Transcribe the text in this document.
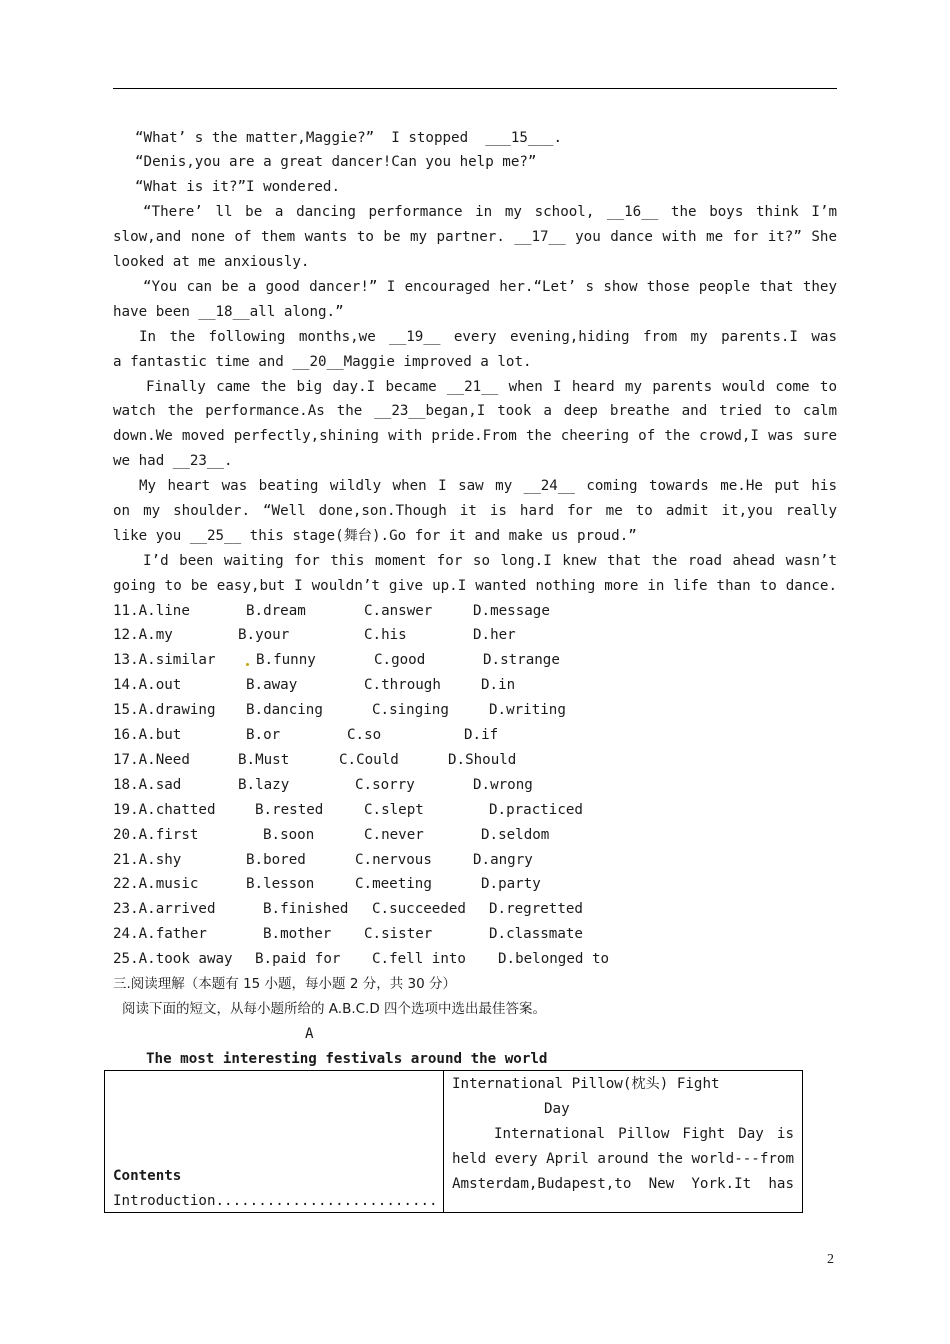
“What’ s the matter,Maggie?”  I stopped  ___15___.
“Denis,you are a great dancer!Can you help me?”
“What is it?”I wondered.
“There’ ll be a dancing performance in my school, __16__ the boys think I’m
slow,and none of them wants to be my partner. __17__ you dance with me for it?” She
looked at me anxiously.
“You can be a good dancer!” I encouraged her.“Let’ s show those people that they
have been __18__all along.”
In the following months,we __19__ every evening,hiding from my parents.I was
a fantastic time and __20__Maggie improved a lot.
Finally came the big day.I became __21__ when I heard my parents would come to
watch the performance.As the __23__began,I took a deep breathe and tried to calm
down.We moved perfectly,shining with pride.From the cheering of the crowd,I was sure
we had __23__.
My heart was beating wildly when I saw my __24__ coming towards me.He put his
on my shoulder. “Well done,son.Though it is hard for me to admit it,you really
like you __25__ this stage(舞台).Go for it and make us proud.”
I’d been waiting for this moment for so long.I knew that the road ahead wasn’t
going to be easy,but I wouldn’t give up.I wanted nothing more in life than to dance.
11.A.line	B.dream	C.answer	D.message
12.A.my	B.your	C.his	D.her
13.A.similar	B.funny	C.good	D.strange
14.A.out	B.away	C.through	D.in
15.A.drawing B.dancing	C.singing	D.writing
16.A.but	B.or	C.so	D.if
17.A.Need	B.Must	C.Could	D.Should
18.A.sad	B.lazy	C.sorry	D.wrong
19.A.chatted	B.rested	C.slept	D.practiced
20.A.first	B.soon	C.never	D.seldom
21.A.shy	B.bored	C.nervous	D.angry
22.A.music	B.lesson	C.meeting	D.party
23.A.arrived	B.finished C.succeeded D.regretted
24.A.father	B.mother C.sister	D.classmate
25.A.took away B.paid for C.fell into D.belonged to
三.阅读理解（本题有 15 小题，每小题 2 分，共 30 分）
阅读下面的短文，从每小题所给的 A.B.C.D 四个选项中选出最佳答案。
A
The most interesting festivals around the world
Contents
Introduction..........................

International Pillow(枕头) Fight
Day
International Pillow Fight Day is
held every April around the world---from
Amsterdam,Budapest,to New York.It has
2
